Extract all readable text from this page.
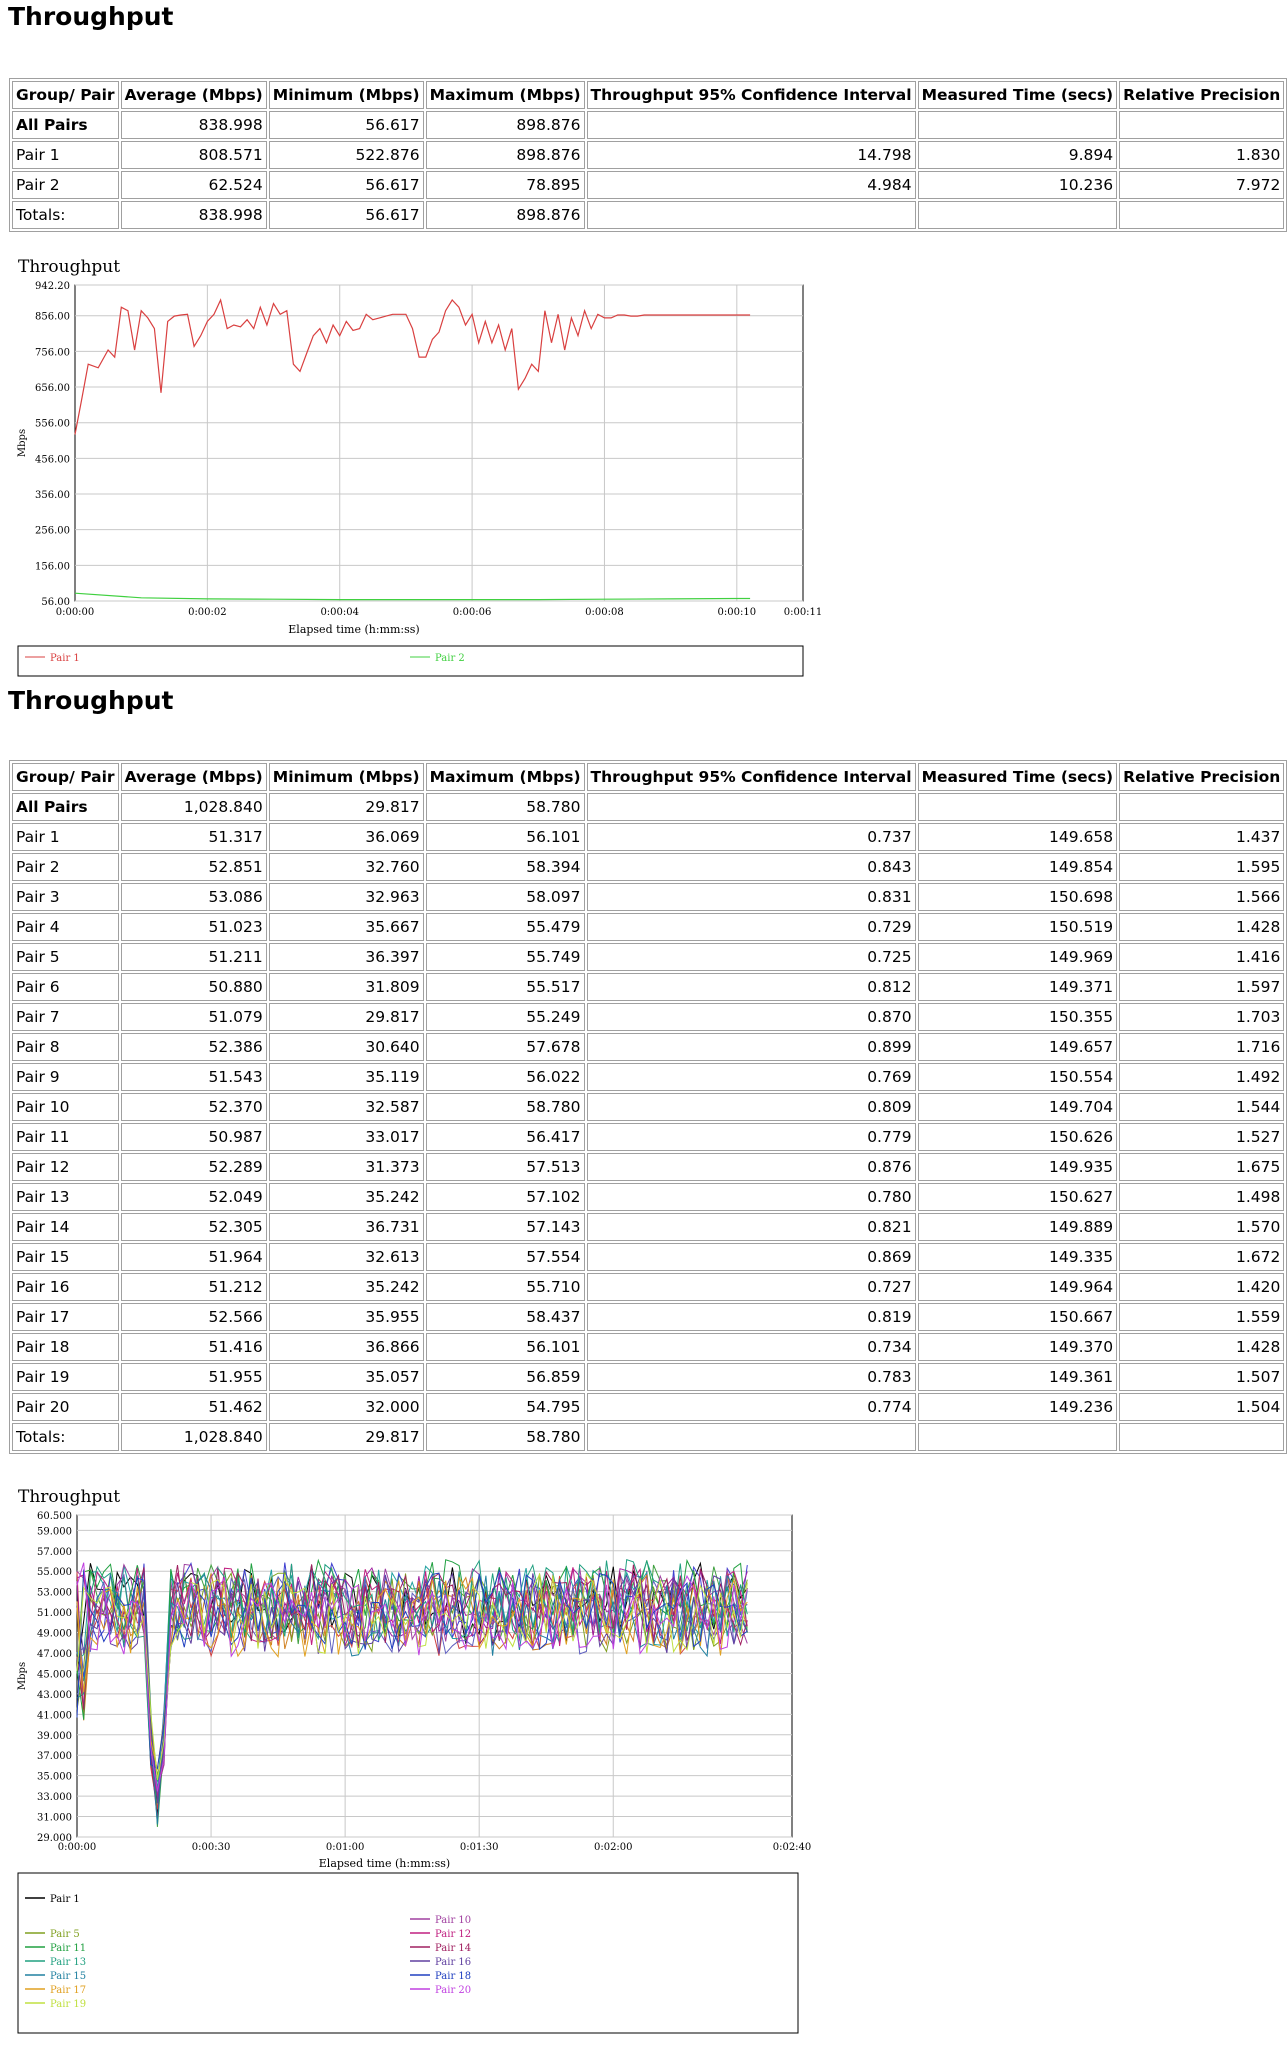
Throughput
Group/ Pair	Average (Mbps)	Minimum (Mbps)	Maximum (Mbps)	Throughput 95% Confidence Interval	Measured Time (secs)	Relative Precision
All Pairs	838.998	56.617	898.876			
Pair 1	808.571	522.876	898.876	14.798	9.894	1.830
Pair 2	62.524	56.617	78.895	4.984	10.236	7.972
Totals:	838.998	56.617	898.876			
Throughput
56.00
156.00
256.00
356.00
456.00
556.00
656.00
756.00
856.00
942.20
0:00:00	0:00:02	0:00:04	0:00:06	0:00:08	0:00:10	0:00:11
Elapsed time (h:mm:ss)
Mbps
Pair 1	Pair 2
Throughput
Group/ Pair	Average (Mbps)	Minimum (Mbps)	Maximum (Mbps)	Throughput 95% Confidence Interval	Measured Time (secs)	Relative Precision
All Pairs	1,028.840	29.817	58.780			
Pair 1	51.317	36.069	56.101	0.737	149.658	1.437
Pair 2	52.851	32.760	58.394	0.843	149.854	1.595
Pair 3	53.086	32.963	58.097	0.831	150.698	1.566
Pair 4	51.023	35.667	55.479	0.729	150.519	1.428
Pair 5	51.211	36.397	55.749	0.725	149.969	1.416
Pair 6	50.880	31.809	55.517	0.812	149.371	1.597
Pair 7	51.079	29.817	55.249	0.870	150.355	1.703
Pair 8	52.386	30.640	57.678	0.899	149.657	1.716
Pair 9	51.543	35.119	56.022	0.769	150.554	1.492
Pair 10	52.370	32.587	58.780	0.809	149.704	1.544
Pair 11	50.987	33.017	56.417	0.779	150.626	1.527
Pair 12	52.289	31.373	57.513	0.876	149.935	1.675
Pair 13	52.049	35.242	57.102	0.780	150.627	1.498
Pair 14	52.305	36.731	57.143	0.821	149.889	1.570
Pair 15	51.964	32.613	57.554	0.869	149.335	1.672
Pair 16	51.212	35.242	55.710	0.727	149.964	1.420
Pair 17	52.566	35.955	58.437	0.819	150.667	1.559
Pair 18	51.416	36.866	56.101	0.734	149.370	1.428
Pair 19	51.955	35.057	56.859	0.783	149.361	1.507
Pair 20	51.462	32.000	54.795	0.774	149.236	1.504
Totals:	1,028.840	29.817	58.780			
Throughput
29.000
31.000
33.000
35.000
37.000
39.000
41.000
43.000
45.000
47.000
49.000
51.000
53.000
55.000
57.000
59.000
60.500
0:00:00	0:00:30	0:01:00	0:01:30	0:02:00	0:02:40
Elapsed time (h:mm:ss)
Mbps
Pair 1
Pair 5
Pair 11
Pair 13
Pair 15
Pair 17
Pair 19
Pair 10
Pair 12
Pair 14
Pair 16
Pair 18
Pair 20
